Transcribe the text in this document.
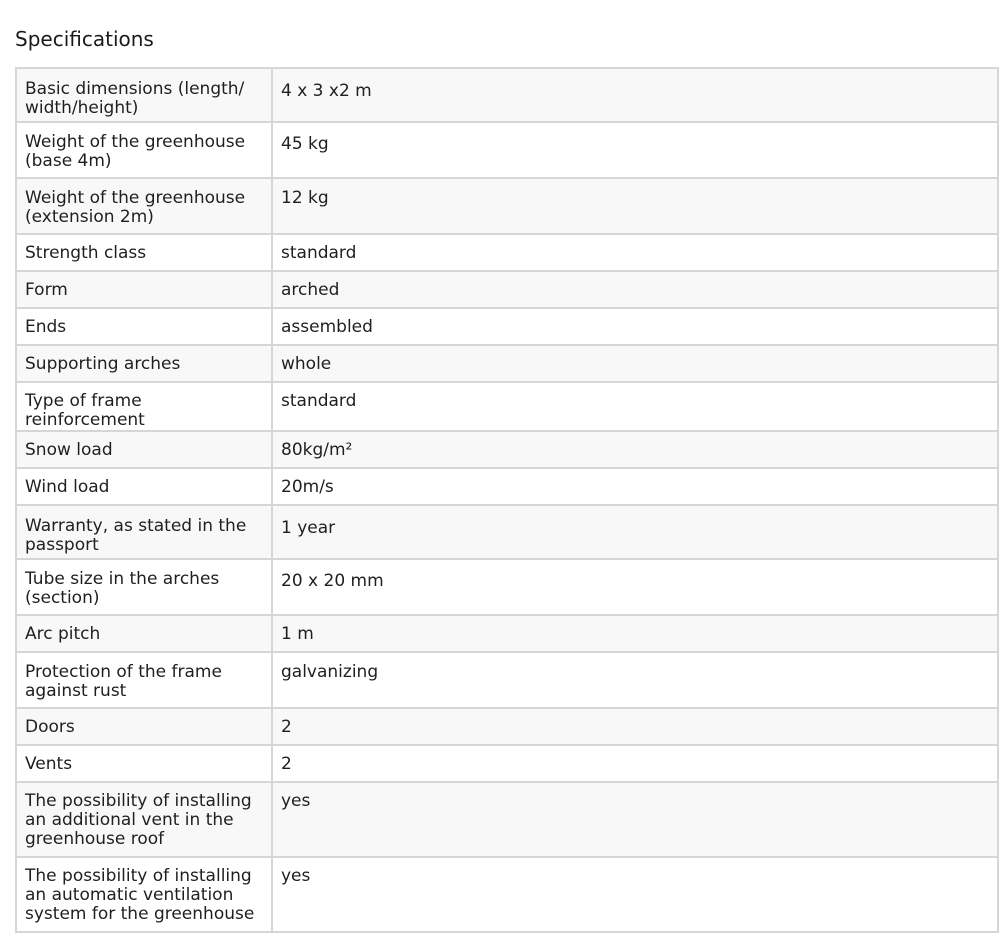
Specifications
Basic dimensions (length/ width/height)	4 x 3 x2 m

Weight of the greenhouse (base 4m)	45 kg

Weight of the greenhouse (extension 2m)	12 kg
Strength class	standard
Form	arched
Ends	assembled
Supporting arches	whole
Type of frame reinforcement	standard
Snow load	80kg/m²
Wind load	20m/s
Warranty, as stated in the passport	1 year

Tube size in the arches (section)	20 x 20 mm

Arc pitch	1 m
Protection of the frame against rust	galvanizing
Doors	2
Vents	2
The possibility of installing an additional vent in the greenhouse roof	yes
The possibility of installing an automatic ventilation system for the greenhouse	yes
